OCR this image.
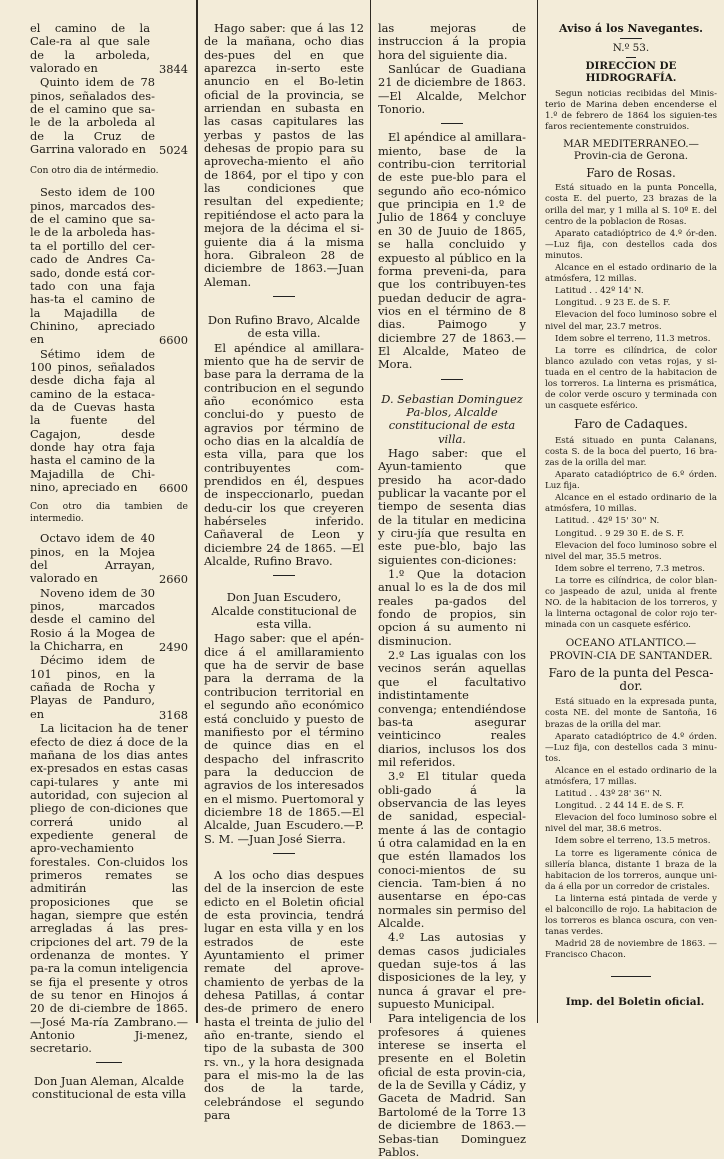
el camino de la Cale-ra al que sale de la arboleda, valorado en	3844

Quinto idem de 78 pinos, señalados des-de el camino que sa-le de la arboleda al de la Cruz de Garrina valorado en	5024

Con otro dia de intérmedio.

Sesto idem de 100 pinos, marcados des-de el camino que sa-le de la arboleda has-ta el portillo del cer-cado de Andres Ca-sado, donde está cor-tado con una faja has-ta el camino de la Majadilla de Chinino, apreciado en	6600

Sétimo idem de 100 pinos, señalados desde dicha faja al camino de la estaca-da de Cuevas hasta la fuente del Cagajon, desde donde hay otra faja hasta el camino de la Majadilla de Chi-nino, apreciado en	6600

Con otro dia tambien de intermedio.

Octavo idem de 40 pinos, en la Mojea del Arrayan, valorado en	2660

Noveno idem de 30 pinos, marcados desde el camino del Rosio á la Mogea de la Chicharra, en	2490

Décimo idem de 101 pinos, en la cañada de Rocha y Playas de Panduro, en	3168

La licitacion ha de tener efecto de diez á doce de la mañana de los dias antes ex-presados en estas casas capi-tulares y ante mi autoridad, con sujecion al pliego de con-diciones que correrá unido al expediente general de apro-vechamiento forestales. Con-cluidos los primeros remates se admitirán las proposiciones que se hagan, siempre que estén arregladas á las pres-cripciones del art. 79 de la ordenanza de montes. Y pa-ra la comun inteligencia se fija el presente y otros de su tenor en Hinojos á 20 de di-ciembre de 1865.—José Ma-ría Zambrano.—Antonio Ji-menez, secretario.

Don Juan Aleman, Alcalde constitucional de esta villa

Hago saber: que á las 12 de la mañana, ocho dias des-pues del en que aparezca in-serto este anuncio en el Bo-letin oficial de la provincia, se arriendan en subasta en las casas capitulares las yerbas y pastos de las dehesas de propio para su aprovecha-miento el año de 1864, por el tipo y con las condiciones que resultan del expediente; repitiéndose el acto para la mejora de la décima el si-guiente dia á la misma hora. Gibraleon 28 de diciembre de 1863.—Juan Aleman.

Don Rufino Bravo, Alcalde de esta villa.

El apéndice al amillara-miento que ha de servir de base para la derrama de la contribucion en el segundo año económico esta conclui-do y puesto de agravios por término de ocho dias en la alcaldía de esta villa, para que los contribuyentes com-prendidos en él, despues de inspeccionarlo, puedan dedu-cir los que creyeren habérseles inferido. Cañaveral de Leon y diciembre 24 de 1865. —El Alcalde, Rufino Bravo.

Don Juan Escudero, Alcalde constitucional de esta villa.

Hago saber: que el apén-dice á el amillaramiento que ha de servir de base para la derrama de la contribucion territorial en el segundo año económico está concluido y puesto de manifiesto por el término de quince dias en el despacho del infrascrito para la deduccion de agravios de los interesados en el mismo. Puertomoral y diciembre 18 de 1865.—El Alcalde, Juan Escudero.—P. S. M. —Juan José Sierra.

A los ocho dias despues del de la insercion de este edicto en el Boletin oficial de esta provincia, tendrá lugar en esta villa y en los estrados de este Ayuntamiento el primer remate del aprove-chamiento de yerbas de la dehesa Patillas, á contar des-de primero de enero hasta el treinta de julio del año en-trante, siendo el tipo de la subasta de 300 rs. vn., y la hora designada para el mis-mo la de las dos de la tarde, celebrándose el segundo para

las mejoras de instruccion á la propia hora del siguiente dia.

Sanlúcar de Guadiana 21 de diciembre de 1863.—El Alcalde, Melchor Tonorio.

El apéndice al amillara-miento, base de la contribu-cion territorial de este pue-blo para el segundo año eco-nómico que principia en 1.º de Julio de 1864 y concluye en 30 de Juuio de 1865, se halla concluido y expuesto al público en la forma preveni-da, para que los contribuyen-tes puedan deducir de agra-vios en el término de 8 dias. Paimogo y diciembre 27 de 1863.—El Alcalde, Mateo de Mora.

D. Sebastian Dominguez Pa-blos, Alcalde constitucional de esta villa.

Hago saber: que el Ayun-tamiento que presido ha acor-dado publicar la vacante por el tiempo de sesenta dias de la titular en medicina y ciru-jía que resulta en este pue-blo, bajo las siguientes con-diciones:

1.º Que la dotacion anual lo es la de dos mil reales pa-gados del fondo de propios, sin opcion á su aumento ni disminucion.

2.º Las igualas con los vecinos serán aquellas que el facultativo indistintamente convenga; entendiéndose bas-ta asegurar veinticinco reales diarios, inclusos los dos mil referidos.

3.º El titular queda obli-gado á la observancia de las leyes de sanidad, especial-mente á las de contagio ú otra calamidad en la en que estén llamados los conoci-mientos de su ciencia. Tam-bien á no ausentarse en épo-cas normales sin permiso del Alcalde.

4.º Las autosias y demas casos judiciales quedan suje-tos á las disposiciones de la ley, y nunca á gravar el pre-supuesto Municipal.

Para inteligencia de los profesores á quienes interese se inserta el presente en el Boletin oficial de esta provin-cia, de la de Sevilla y Cádiz, y Gaceta de Madrid. San Bartolomé de la Torre 13 de diciembre de 1863.—Sebas-tian Dominguez Pablos.

Aviso á los Navegantes.
N.º 53.
DIRECCION DE HIDROGRAFÍA.

Segun noticias recibidas del Minis-terio de Marina deben encenderse el 1.º de febrero de 1864 los siguien-tes faros recientemente construidos.

MAR MEDITERRANEO.—Provin-cia de Gerona.
Faro de Rosas.

Está situado en la punta Poncella, costa E. del puerto, 23 brazas de la orilla del mar, y 1 milla al S. 10º E. del centro de la poblacion de Rosas.

Aparato catadióptrico de 4.º ór-den.—Luz fija, con destellos cada dos minutos.

Alcance en el estado ordinario de la atmósfera, 12 millas.

Latitud . . 42º 14' N.

Longitud. . 9 23 E. de S. F.

Elevacion del foco luminoso sobre el nivel del mar, 23.7 metros.

Idem sobre el terreno, 11.3 metros.

La torre es cilíndrica, de color blanco azulado con vetas rojas, y si-tuada en el centro de la habitacion de los torreros. La linterna es prismática, de color verde oscuro y terminada con un casquete esférico.

Faro de Cadaques.

Está situado en punta Calanans, costa S. de la boca del puerto, 16 bra-zas de la orilla del mar.

Aparato catadióptrico de 6.º órden. Luz fija.

Alcance en el estado ordinario de la atmósfera, 10 millas.

Latitud. . 42º 15' 30'' N.

Longitud. . 9 29 30 E. de S. F.

Elevacion del foco luminoso sobre el nivel del mar, 35.5 metros.

Idem sobre el terreno, 7.3 metros.

La torre es cilíndrica, de color blan-co jaspeado de azul, unida al frente NO. de la habitacion de los torreros, y la linterna octagonal de color rojo ter-minada con un casquete esférico.

OCEANO ATLANTICO.—PROVIN-CIA DE SANTANDER.
Faro de la punta del Pesca-dor.

Está situado en la expresada punta, costa NE. del monte de Santoña, 16 brazas de la orilla del mar.

Aparato catadióptrico de 4.º órden. —Luz fija, con destellos cada 3 minu-tos.

Alcance en el estado ordinario de la atmósfera, 17 millas.

Latitud . . 43º 28' 36'' N.

Longitud. . 2 44 14 E. de S. F.

Elevacion del foco luminoso sobre el nivel del mar, 38.6 metros.

Idem sobre el terreno, 13.5 metros.

La torre es ligeramente cónica de sillería blanca, distante 1 braza de la habitacion de los torreros, aunque uni-da á ella por un corredor de cristales.

La linterna está pintada de verde y el balconcillo de rojo. La habitacion de los torreros es blanca oscura, con ven-tanas verdes.

Madrid 28 de noviembre de 1863. —Francisco Chacon.

Imp. del Boletin oficial.
